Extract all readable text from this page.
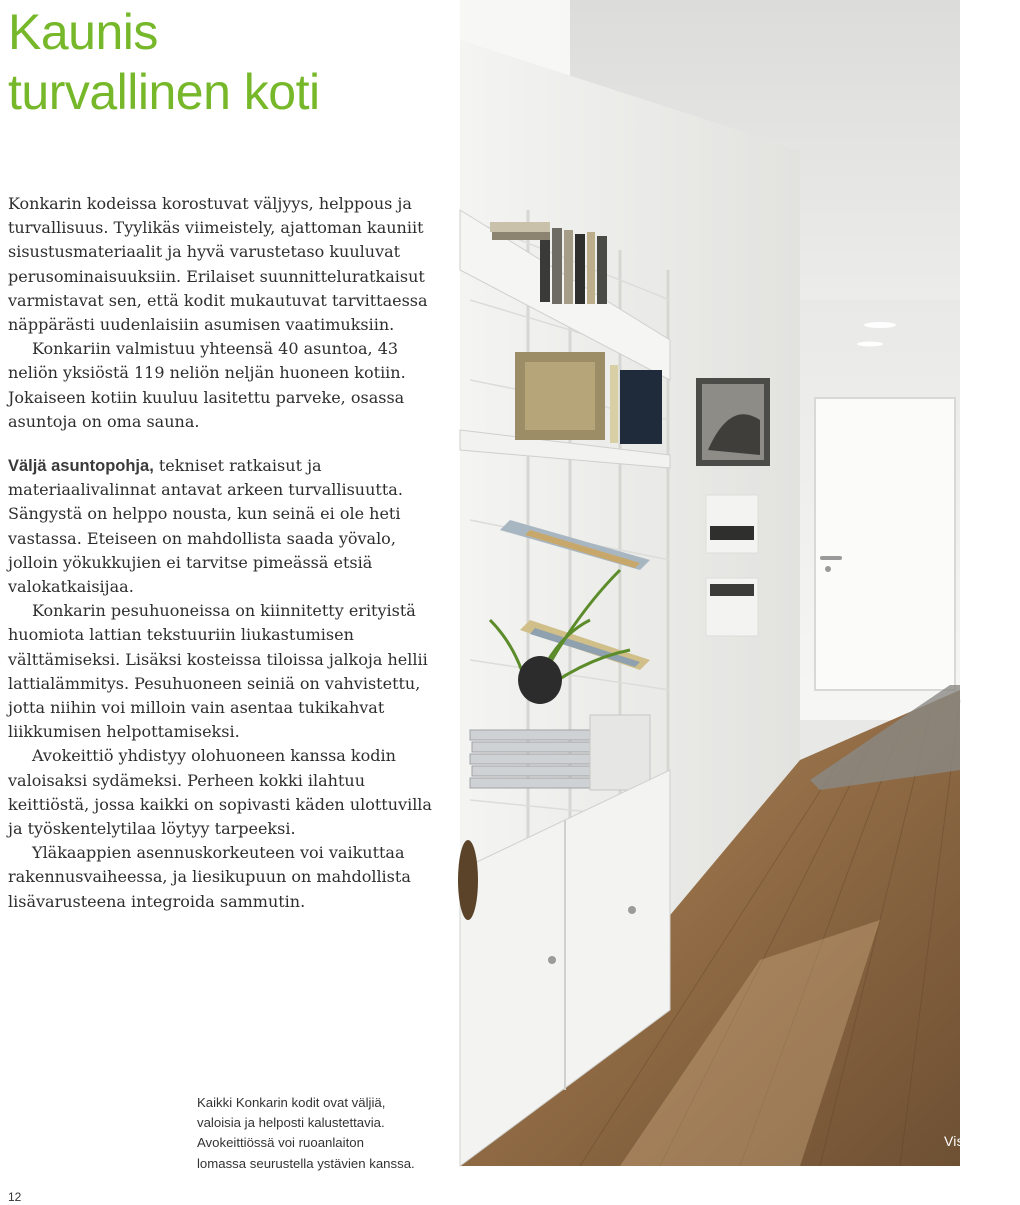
Kaunis
turvallinen koti

Konkarin kodeissa korostuvat väljyys, helppous ja turvallisuus. Tyylikäs viimeistely, ajattoman kauniit sisustusmateriaalit ja hyvä varustetaso kuuluvat perusominaisuuksiin. Erilaiset suunnitteluratkaisut varmistavat sen, että kodit mukautuvat tarvittaessa näppärästi uudenlaisiin asumisen vaatimuksiin.

Konkariin valmistuu yhteensä 40 asuntoa, 43 neliön yksiöstä 119 neliön neljän huoneen kotiin. Jokaiseen kotiin kuuluu lasitettu parveke, osassa asuntoja on oma sauna.

Väljä asuntopohja, tekniset ratkaisut ja materiaalivalinnat antavat arkeen turvallisuutta. Sängystä on helppo nousta, kun seinä ei ole heti vastassa. Eteiseen on mahdollista saada yövalo, jolloin yökukkujien ei tarvitse pimeässä etsiä valokatkaisijaa.

Konkarin pesuhuoneissa on kiinnitetty erityistä huomiota lattian tekstuuriin liukastumisen välttämiseksi. Lisäksi kosteissa tiloissa jalkoja hellii lattialämmitys. Pesuhuoneen seiniä on vahvistettu, jotta niihin voi milloin vain asentaa tukikahvat liikkumisen helpottamiseksi.

Avokeittiö yhdistyy olohuoneen kanssa kodin valoisaksi sydämeksi. Perheen kokki ilahtuu keittiöstä, jossa kaikki on sopivasti käden ulottuvilla ja työskentelytilaa löytyy tarpeeksi.

Yläkaappien asennuskorkeuteen voi vaikuttaa rakennusvaiheessa, ja liesikupuun on mahdollista lisävarusteena integroida sammutin.

Visualisointi
Kaikki Konkarin kodit ovat väljiä,
valoisia ja helposti kalustettavia.
Avokeittiössä voi ruoanlaiton
lomassa seurustella ystävien kanssa.
12
